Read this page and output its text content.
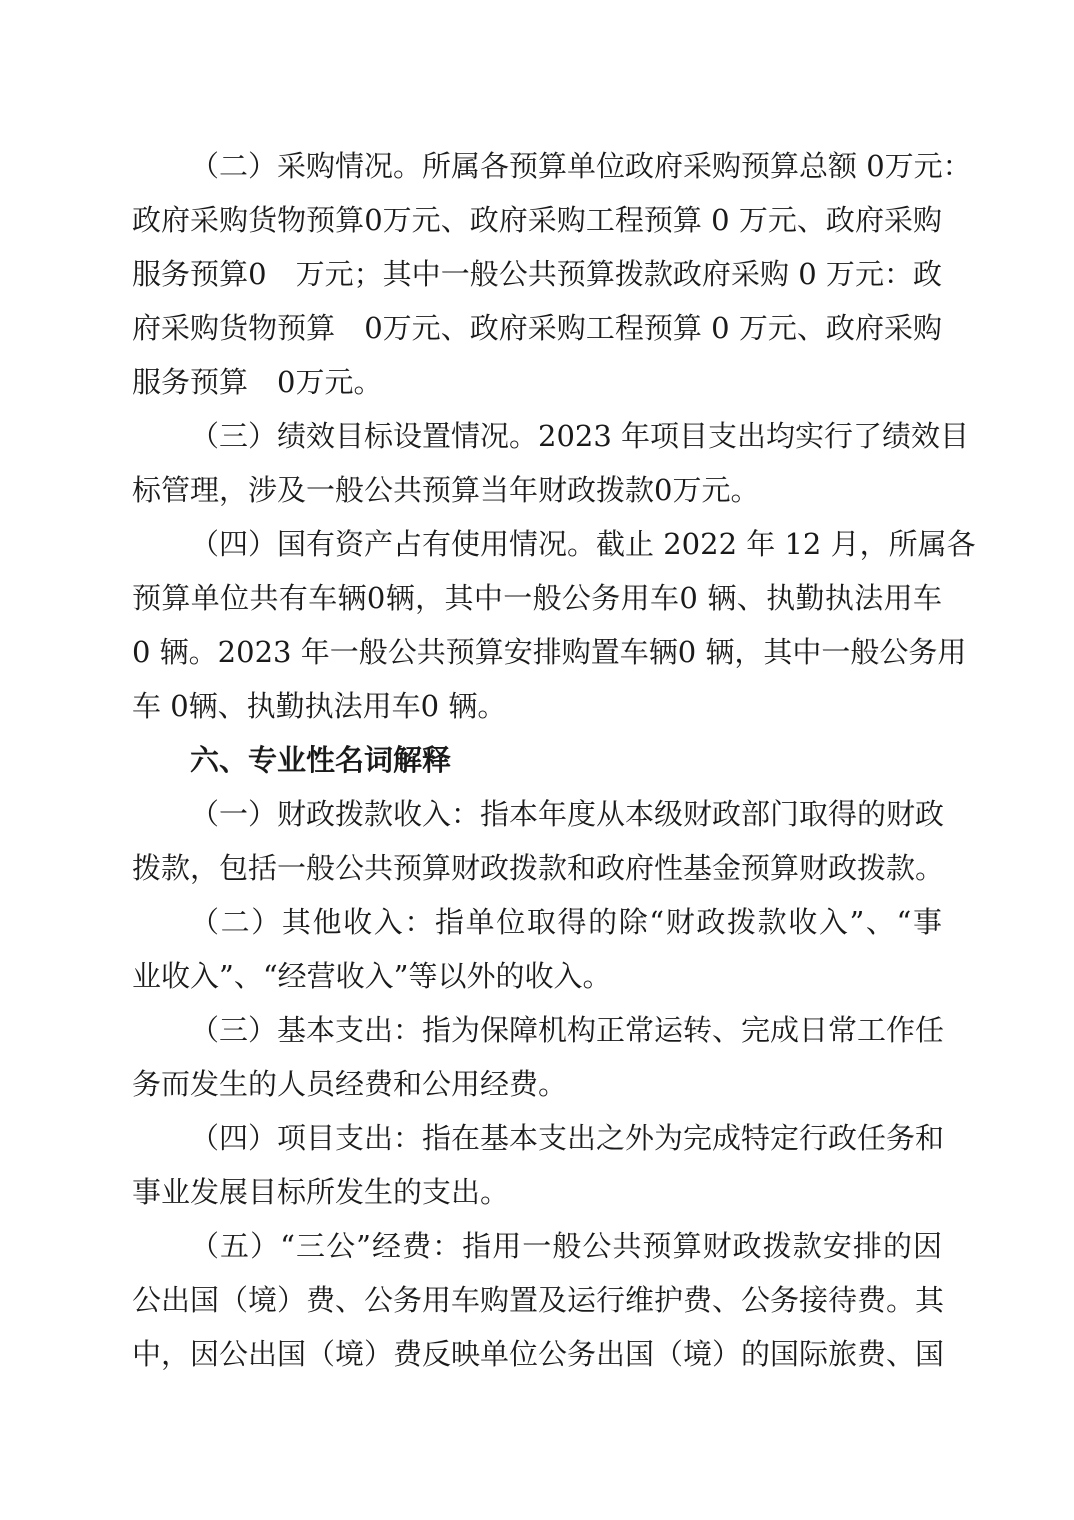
（二）采购情况。所属各预算单位政府采购预算总额 0万元：
政府采购货物预算0万元、政府采购工程预算 0 万元、政府采购
服务预算0　万元；其中一般公共预算拨款政府采购 0 万元：政
府采购货物预算　0万元、政府采购工程预算 0 万元、政府采购
服务预算　0万元。
（三）绩效目标设置情况。2023 年项目支出均实行了绩效目
标管理，涉及一般公共预算当年财政拨款0万元。
（四）国有资产占有使用情况。截止 2022 年 12 月，所属各
预算单位共有车辆0辆，其中一般公务用车0 辆、执勤执法用车
0 辆。2023 年一般公共预算安排购置车辆0 辆，其中一般公务用
车 0辆、执勤执法用车0 辆。
六、专业性名词解释
（一）财政拨款收入：指本年度从本级财政部门取得的财政
拨款，包括一般公共预算财政拨款和政府性基金预算财政拨款。
（二）其他收入：指单位取得的除“财政拨款收入”、“事
业收入”、“经营收入”等以外的收入。
（三）基本支出：指为保障机构正常运转、完成日常工作任
务而发生的人员经费和公用经费。
（四）项目支出：指在基本支出之外为完成特定行政任务和
事业发展目标所发生的支出。
（五）“三公”经费：指用一般公共预算财政拨款安排的因
公出国（境）费、公务用车购置及运行维护费、公务接待费。其
中，因公出国（境）费反映单位公务出国（境）的国际旅费、国
